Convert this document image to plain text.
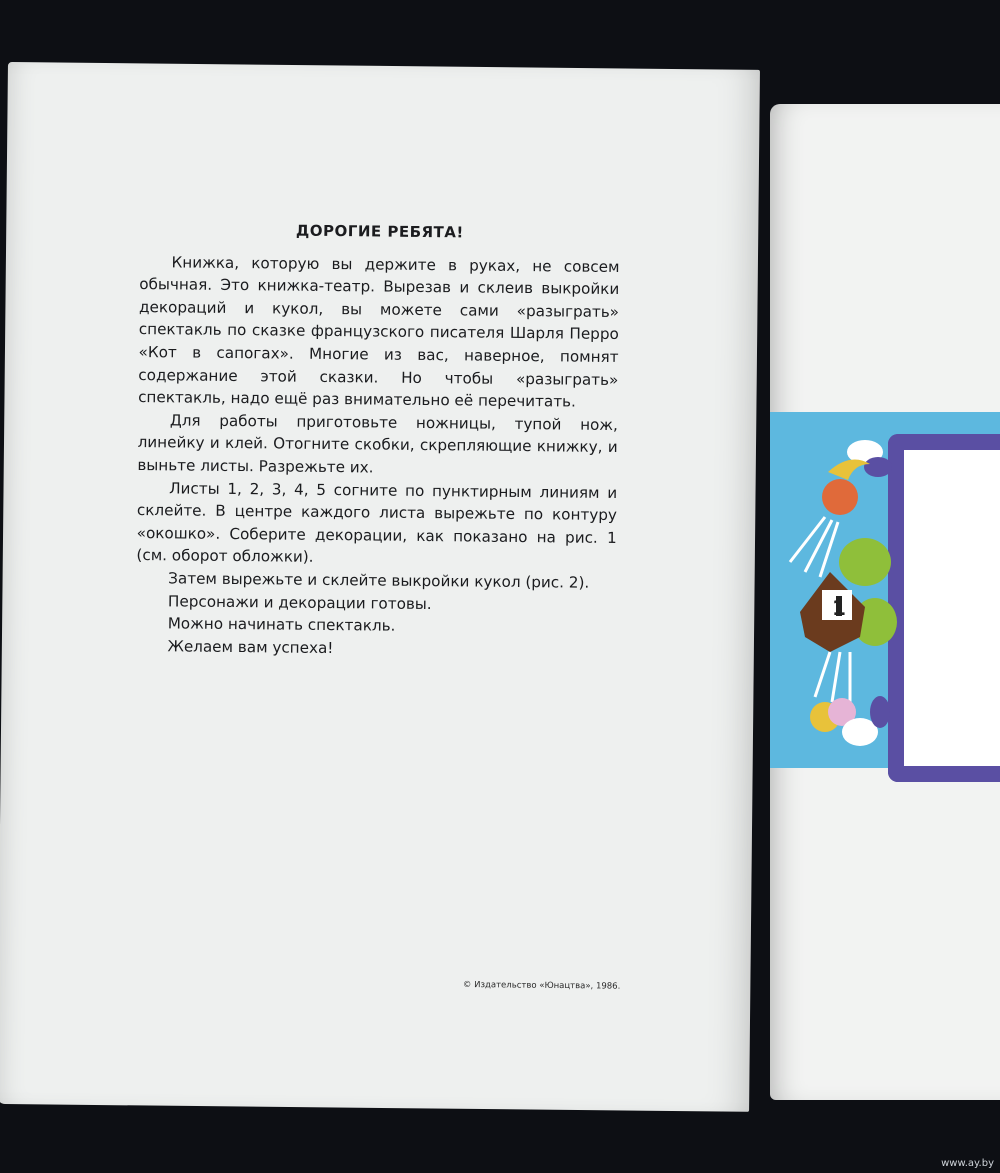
ДОРОГИЕ РЕБЯТА!

Книжка, которую вы держите в руках, не совсем обычная. Это книжка-театр. Вырезав и склеив выкройки декораций и кукол, вы можете сами «разыграть» спектакль по сказке французского писателя Шарля Перро «Кот в сапогах». Многие из вас, наверное, помнят содержание этой сказки. Но чтобы «разыграть» спектакль, надо ещё раз внимательно её перечитать.

Для работы приготовьте ножницы, тупой нож, линейку и клей. Отогните скобки, скрепляющие книжку, и выньте листы. Разрежьте их.

Листы 1, 2, 3, 4, 5 согните по пунктирным линиям и склейте. В центре каждого листа вырежьте по контуру «окошко». Соберите декорации, как показано на рис. 1 (см. оборот обложки).

Затем вырежьте и склейте выкройки кукол (рис. 2).

Персонажи и декорации готовы.

Можно начинать спектакль.

Желаем вам успеха!

© Издательство «Юнацтва», 1986.
1
www.ay.by
